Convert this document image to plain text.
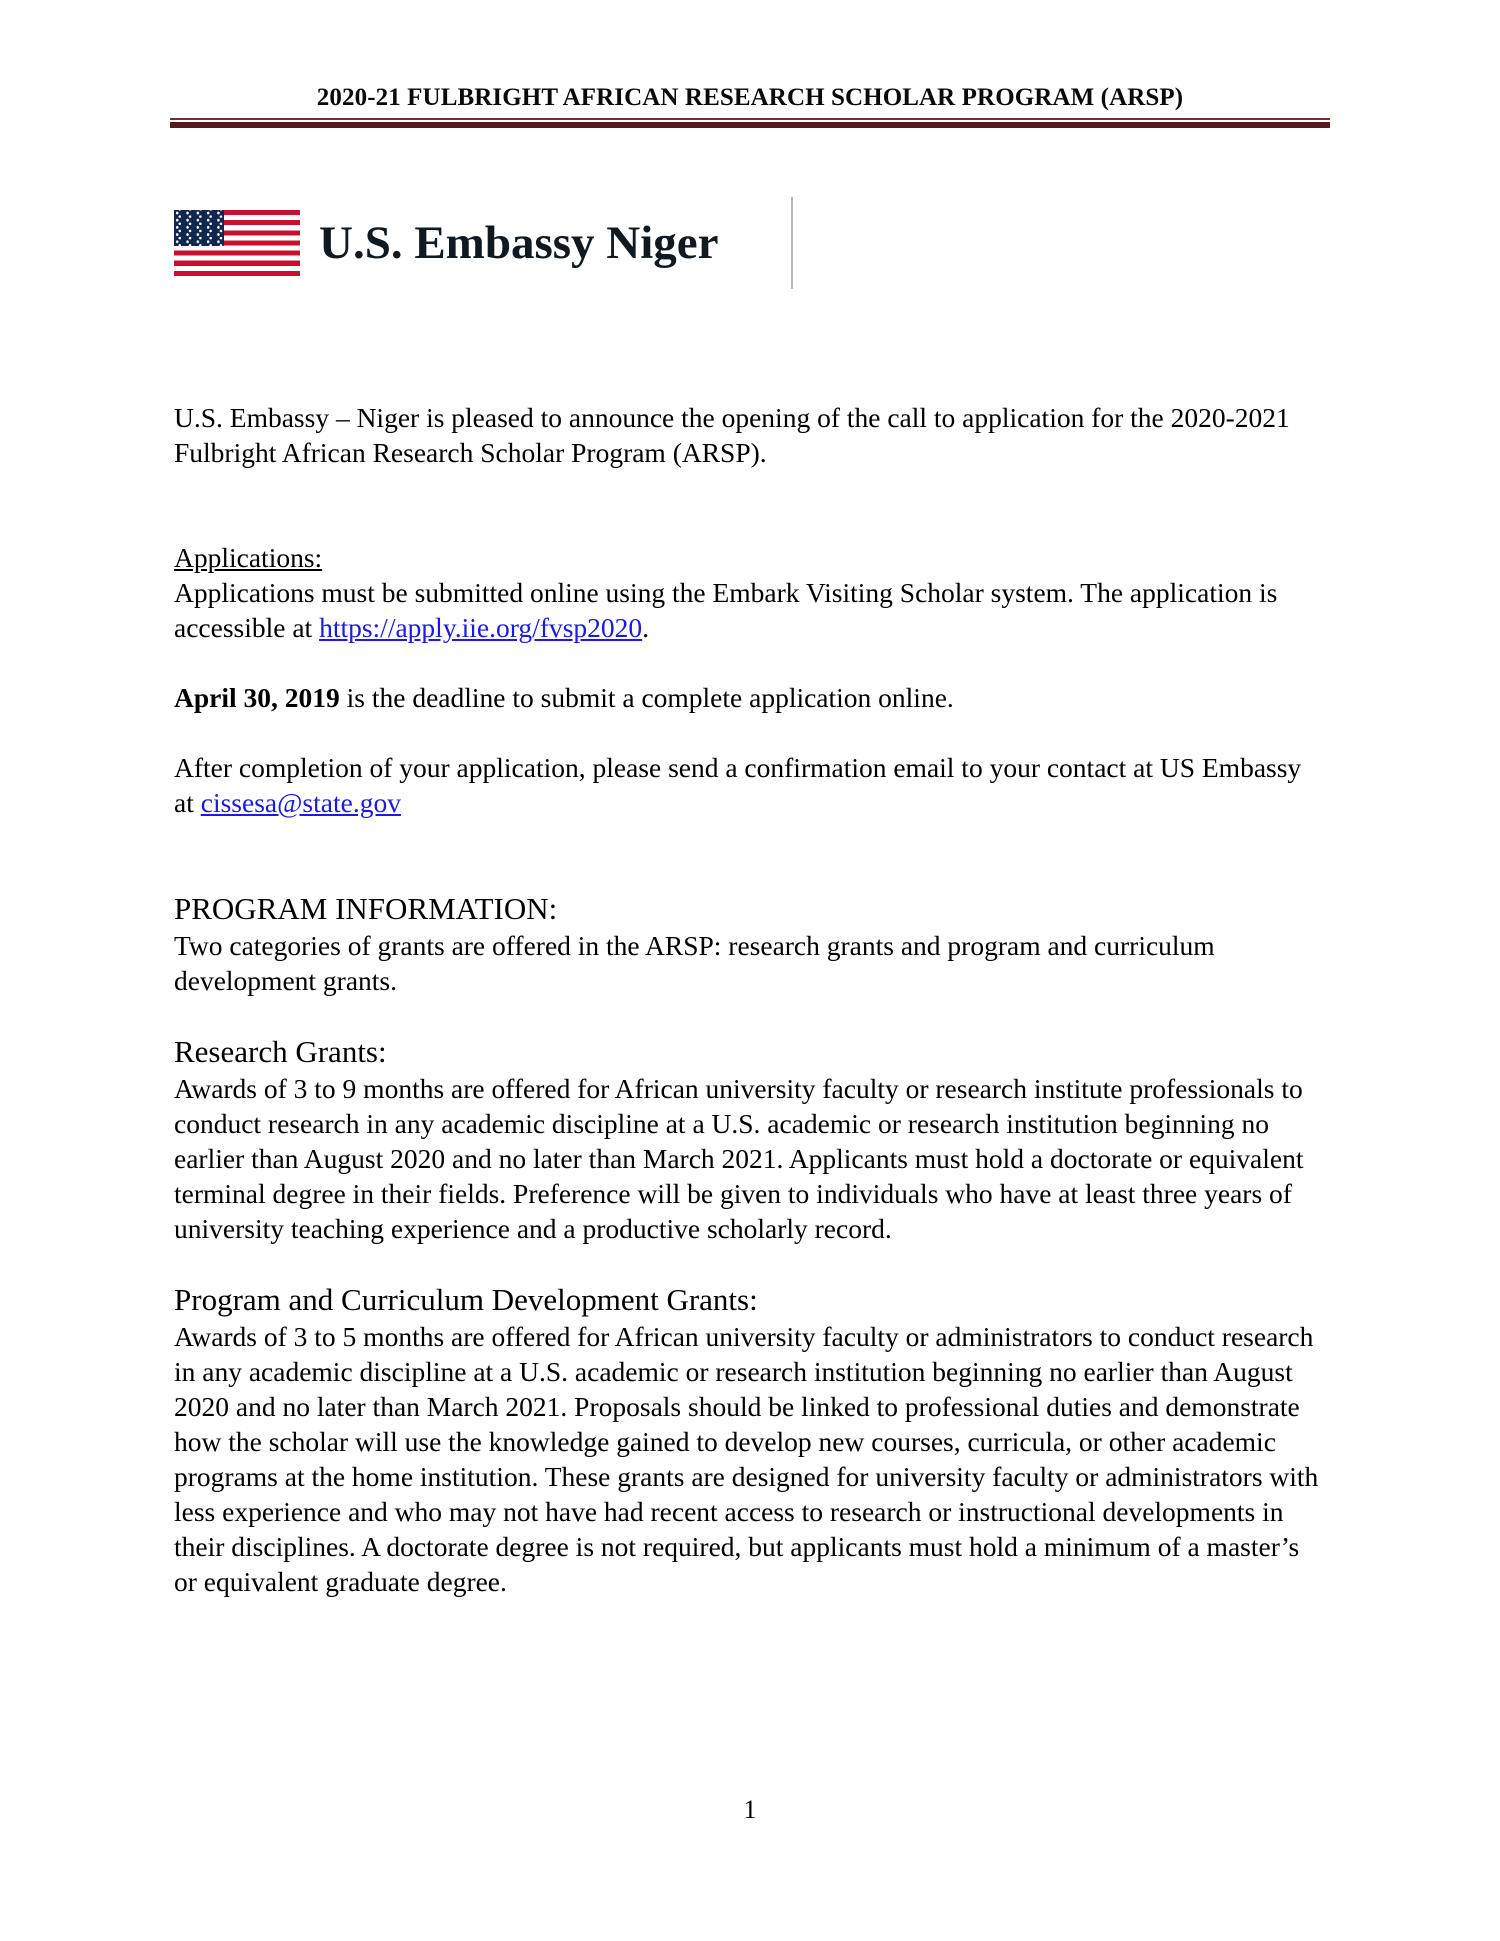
2020-21 FULBRIGHT AFRICAN RESEARCH SCHOLAR PROGRAM (ARSP)
U.S. Embassy Niger

U.S. Embassy – Niger is pleased to announce the opening of the call to application for the 2020-2021 Fulbright African Research Scholar Program (ARSP).

Applications:

Applications must be submitted online using the Embark Visiting Scholar system. The application is accessible at https://apply.iie.org/fvsp2020.

April 30, 2019 is the deadline to submit a complete application online.

After completion of your application, please send a confirmation email to your contact at US Embassy at cissesa@state.gov

PROGRAM INFORMATION:

Two categories of grants are offered in the ARSP: research grants and program and curriculum development grants.

Research Grants:

Awards of 3 to 9 months are offered for African university faculty or research institute professionals to conduct research in any academic discipline at a U.S. academic or research institution beginning no earlier than August 2020 and no later than March 2021. Applicants must hold a doctorate or equivalent terminal degree in their fields. Preference will be given to individuals who have at least three years of university teaching experience and a productive scholarly record.

Program and Curriculum Development Grants:

Awards of 3 to 5 months are offered for African university faculty or administrators to conduct research in any academic discipline at a U.S. academic or research institution beginning no earlier than August 2020 and no later than March 2021. Proposals should be linked to professional duties and demonstrate how the scholar will use the knowledge gained to develop new courses, curricula, or other academic programs at the home institution. These grants are designed for university faculty or administrators with less experience and who may not have had recent access to research or instructional developments in their disciplines. A doctorate degree is not required, but applicants must hold a minimum of a master’s or equivalent graduate degree.

1
